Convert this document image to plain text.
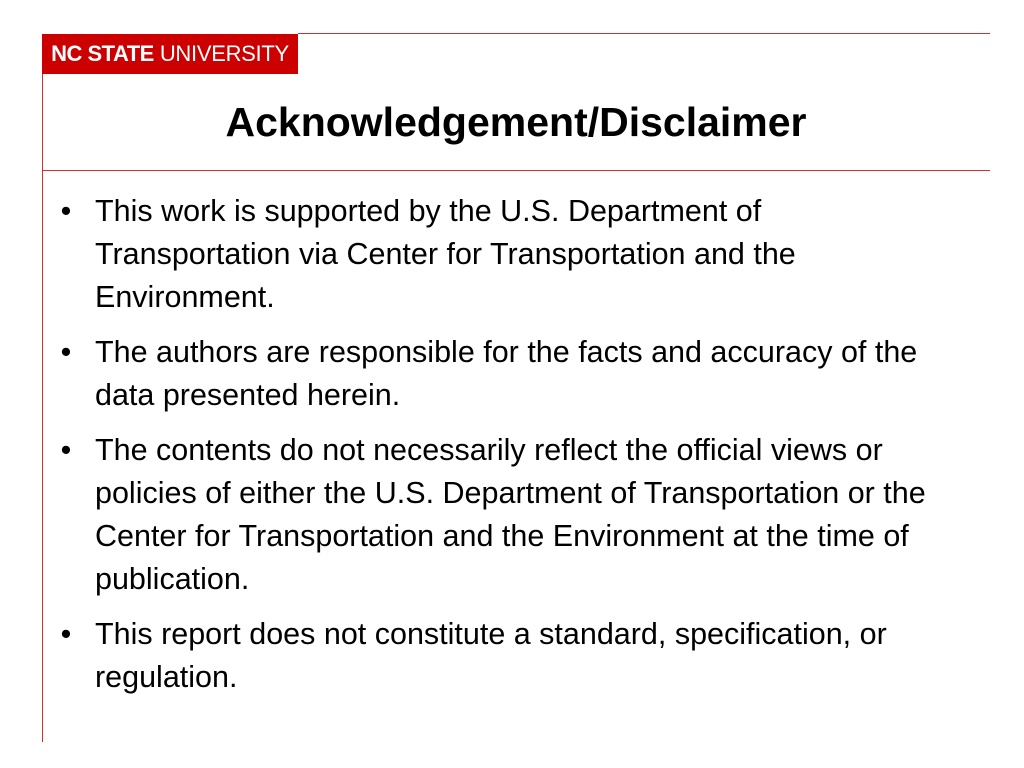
NC STATE UNIVERSITY
Acknowledgement/Disclaimer
• This work is supported by the U.S. Department of Transportation via Center for Transportation and the Environment.
• The authors are responsible for the facts and accuracy of the data presented herein.
• The contents do not necessarily reflect the official views or policies of either the U.S. Department of Transportation or the Center for Transportation and the Environment at the time of publication.
• This report does not constitute a standard, specification, or regulation.
